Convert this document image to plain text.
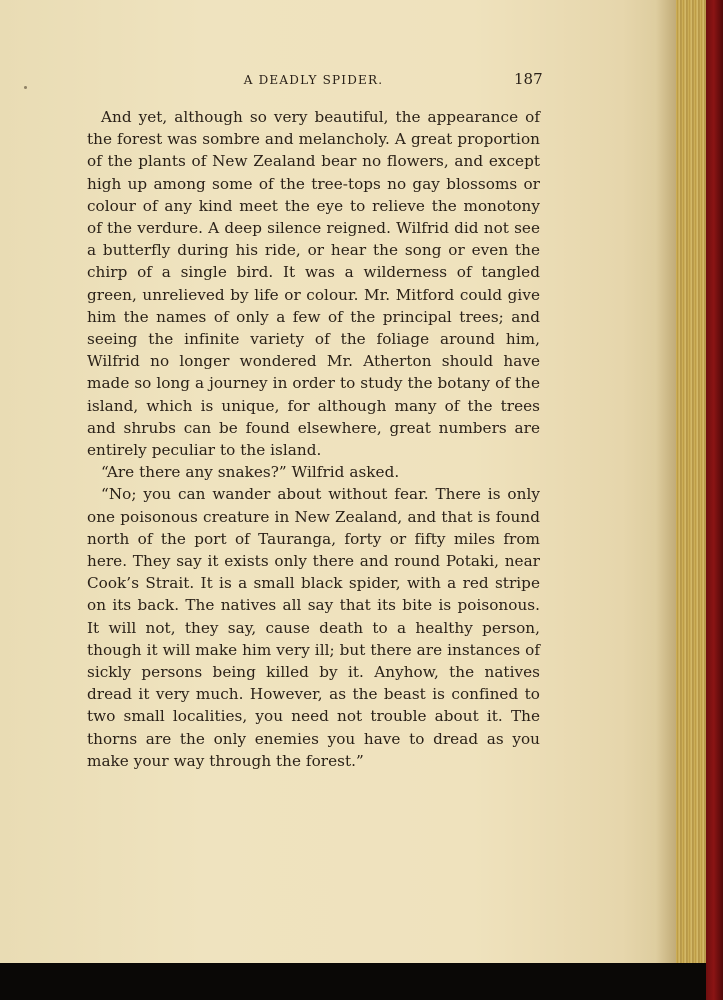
A DEADLY SPIDER.	187

And yet, although so very beautiful, the appearance of the forest was sombre and melancholy. A great proportion of the plants of New Zealand bear no flowers, and except high up among some of the tree-tops no gay blossoms or colour of any kind meet the eye to relieve the monotony of the verdure. A deep silence reigned. Wilfrid did not see a butterfly during his ride, or hear the song or even the chirp of a single bird. It was a wilderness of tangled green, unrelieved by life or colour. Mr. Mitford could give him the names of only a few of the principal trees; and seeing the infinite variety of the foliage around him, Wilfrid no longer wondered Mr. Atherton should have made so long a journey in order to study the botany of the island, which is unique, for although many of the trees and shrubs can be found elsewhere, great numbers are entirely peculiar to the island.

“Are there any snakes?” Wilfrid asked.

“No; you can wander about without fear. There is only one poisonous creature in New Zealand, and that is found north of the port of Tauranga, forty or fifty miles from here. They say it exists only there and round Potaki, near Cook’s Strait. It is a small black spider, with a red stripe on its back. The natives all say that its bite is poisonous. It will not, they say, cause death to a healthy person, though it will make him very ill; but there are instances of sickly persons being killed by it. Anyhow, the natives dread it very much. However, as the beast is confined to two small localities, you need not trouble about it. The thorns are the only enemies you have to dread as you make your way through the forest.”
